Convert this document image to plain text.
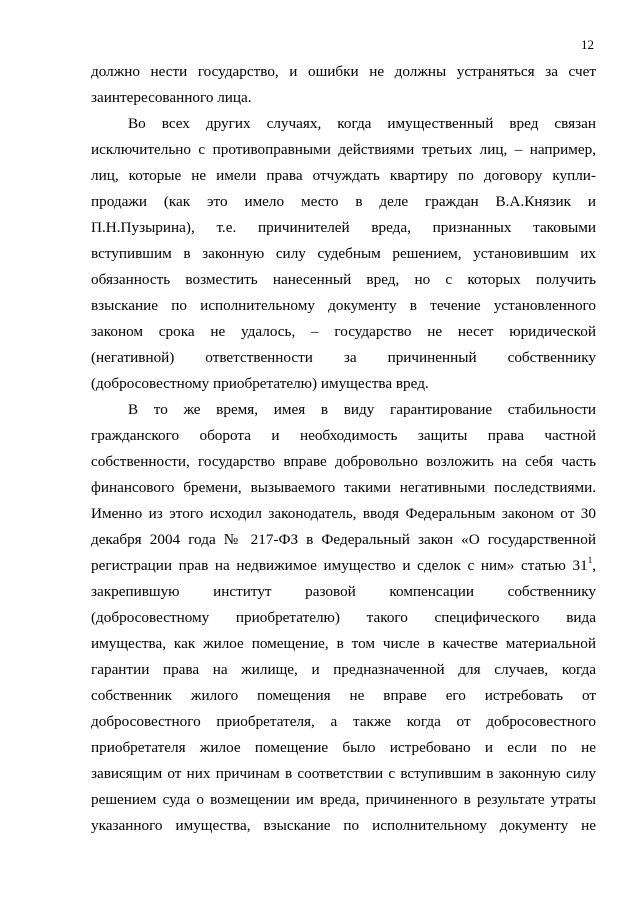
12

должно нести государство, и ошибки не должны устраняться за счет

заинтересованного лица.

Во всех других случаях, когда имущественный вред связан

исключительно с противоправными действиями третьих лиц, – например,

лиц, которые не имели права отчуждать квартиру по договору купли-

продажи (как это имело место в деле граждан В.А.Князик и

П.Н.Пузырина), т.е. причинителей вреда, признанных таковыми

вступившим в законную силу судебным решением, установившим их

обязанность возместить нанесенный вред, но с которых получить

взыскание по исполнительному документу в течение установленного

законом срока не удалось, – государство не несет юридической

(негативной) ответственности за причиненный собственнику

(добросовестному приобретателю) имущества вред.

В то же время, имея в виду гарантирование стабильности

гражданского оборота и необходимость защиты права частной

собственности, государство вправе добровольно возложить на себя часть

финансового бремени, вызываемого такими негативными последствиями.

Именно из этого исходил законодатель, вводя Федеральным законом от 30

декабря 2004 года № 217-ФЗ в Федеральный закон «О государственной

регистрации прав на недвижимое имущество и сделок с ним» статью $31^1$,

закрепившую институт разовой компенсации собственнику

(добросовестному приобретателю) такого специфического вида

имущества, как жилое помещение, в том числе в качестве материальной

гарантии права на жилище, и предназначенной для случаев, когда

собственник жилого помещения не вправе его истребовать от

добросовестного приобретателя, а также когда от добросовестного

приобретателя жилое помещение было истребовано и если по не

зависящим от них причинам в соответствии с вступившим в законную силу

решением суда о возмещении им вреда, причиненного в результате утраты

указанного имущества, взыскание по исполнительному документу не
